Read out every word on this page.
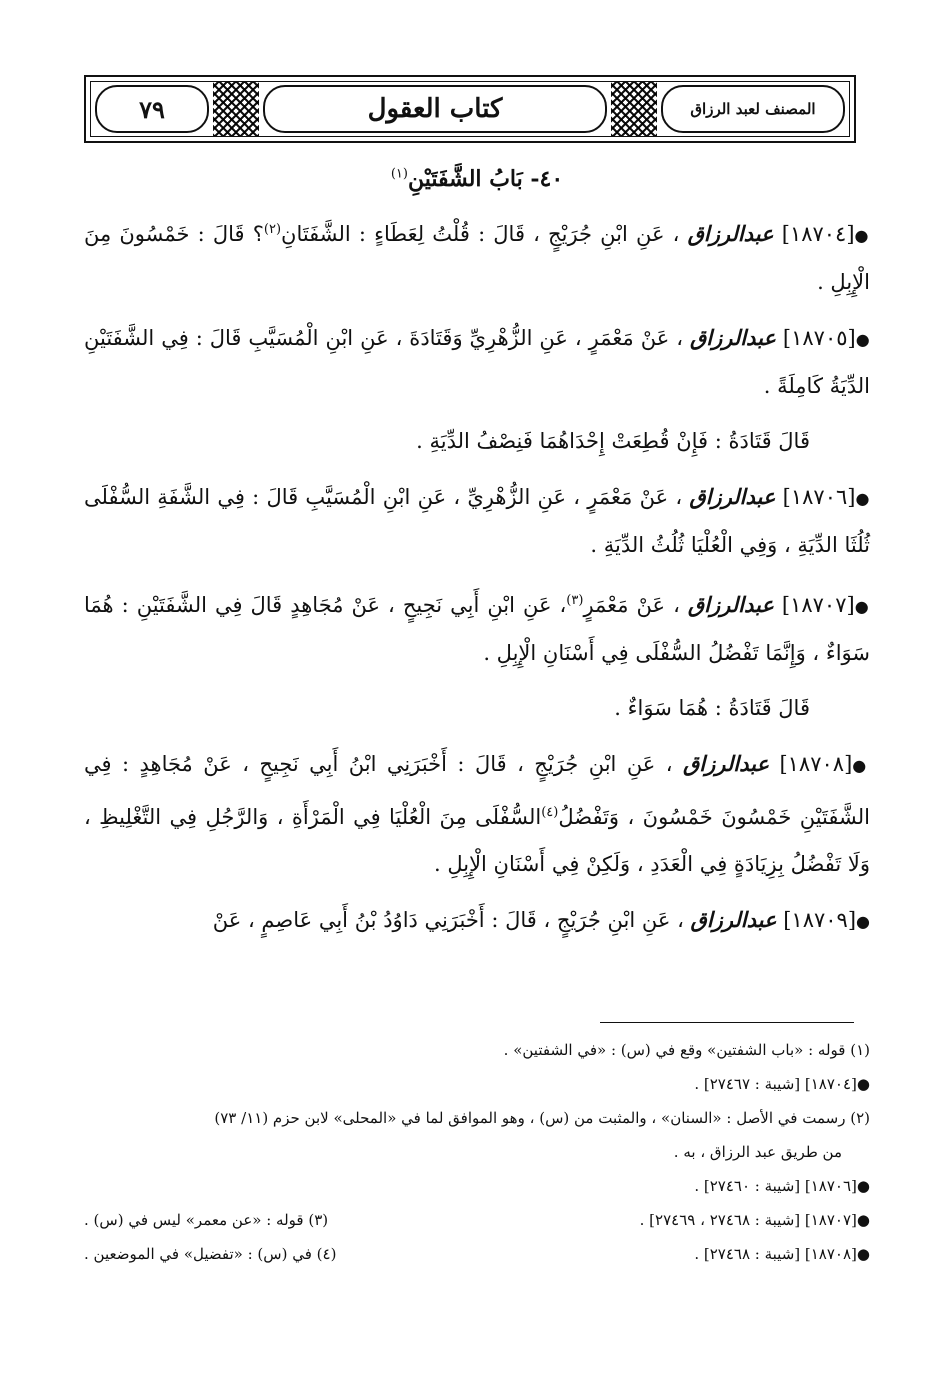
المصنف لعبد الرزاق
كتاب العقول
٧٩
٤٠- بَابُ الشَّفَتَيْنِ$^{(١)}$

●[١٨٧٠٤] عبدالرزاق ، عَنِ ابْنِ جُرَيْجٍ ، قَالَ : قُلْتُ لِعَطَاءٍ : الشَّفَتَانِ$^{(٢)}$؟ قَالَ : خَمْسُونَ مِنَ الْإِبِلِ .

●[١٨٧٠٥] عبدالرزاق ، عَنْ مَعْمَرٍ ، عَنِ الزُّهْرِيِّ وَقَتَادَةَ ، عَنِ ابْنِ الْمُسَيَّبِ قَالَ : فِي الشَّفَتَيْنِ الدِّيَةُ كَامِلَةً .

قَالَ قَتَادَةُ : فَإِنْ قُطِعَتْ إِحْدَاهُمَا فَنِصْفُ الدِّيَةِ .

●[١٨٧٠٦] عبدالرزاق ، عَنْ مَعْمَرٍ ، عَنِ الزُّهْرِيِّ ، عَنِ ابْنِ الْمُسَيَّبِ قَالَ : فِي الشَّفَةِ السُّفْلَى ثُلُثَا الدِّيَةِ ، وَفِي الْعُلْيَا ثُلُثُ الدِّيَةِ .

●[١٨٧٠٧] عبدالرزاق ، عَنْ مَعْمَرٍ$^{(٣)}$، عَنِ ابْنِ أَبِي نَجِيحٍ ، عَنْ مُجَاهِدٍ قَالَ فِي الشَّفَتَيْنِ : هُمَا سَوَاءٌ ، وَإِنَّمَا تَفْضُلُ السُّفْلَى فِي أَسْنَانِ الْإِبِلِ .

قَالَ قَتَادَةُ : هُمَا سَوَاءٌ .

●[١٨٧٠٨] عبدالرزاق ، عَنِ ابْنِ جُرَيْجٍ ، قَالَ : أَخْبَرَنِي ابْنُ أَبِي نَجِيحٍ ، عَنْ مُجَاهِدٍ : فِي الشَّفَتَيْنِ خَمْسُونَ خَمْسُونَ ، وَتَفْضُلُ$^{(٤)}$السُّفْلَى مِنَ الْعُلْيَا فِي الْمَرْأَةِ ، وَالرَّجُلِ فِي التَّغْلِيظِ ، وَلَا تَفْضُلُ بِزِيَادَةٍ فِي الْعَدَدِ ، وَلَكِنْ فِي أَسْنَانِ الْإِبِلِ .

●[١٨٧٠٩] عبدالرزاق ، عَنِ ابْنِ جُرَيْجٍ ، قَالَ : أَخْبَرَنِي دَاوُدُ بْنُ أَبِي عَاصِمٍ ، عَنْ

(١) قوله : «باب الشفتين» وقع في (س) : «في الشفتين» .
●[١٨٧٠٤] [شيبة : ٢٧٤٦٧] .
(٢) رسمت في الأصل : «السنان» ، والمثبت من (س) ، وهو الموافق لما في «المحلى» لابن حزم (١١/ ٧٣)
من طريق عبد الرزاق ، به .
●[١٨٧٠٦] [شيبة : ٢٧٤٦٠] .
●[١٨٧٠٧] [شيبة : ٢٧٤٦٨ ، ٢٧٤٦٩] .
(٣) قوله : «عن معمر» ليس في (س) .
●[١٨٧٠٨] [شيبة : ٢٧٤٦٨] .
(٤) في (س) : «تفضيل» في الموضعين .
